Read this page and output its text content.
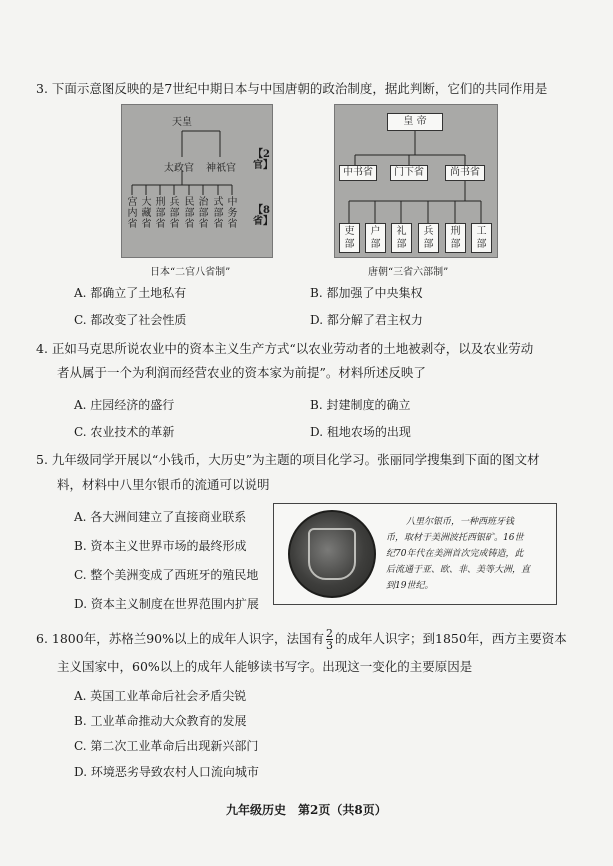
3. 下面示意图反映的是7世纪中期日本与中国唐朝的政治制度，据此判断，它们的共同作用是
天皇
太政官 神祇官
【2官】
【8省】
宫内省
大藏省
刑部省
兵部省
民部省
治部省
式部省
中务省
日本“二官八省制”
皇 帝
中书省	门下省	尚书省
吏 部
户 部
礼 部
兵 部
刑 部
工 部
唐朝“三省六部制”
A. 都确立了土地私有	B. 都加强了中央集权
C. 都改变了社会性质	D. 都分解了君主权力
4. 正如马克思所说农业中的资本主义生产方式“以农业劳动者的土地被剥夺，以及农业劳动
者从属于一个为利润而经营农业的资本家为前提”。材料所述反映了
A. 庄园经济的盛行	B. 封建制度的确立
C. 农业技术的革新	D. 租地农场的出现
5. 九年级同学开展以“小钱币，大历史”为主题的项目化学习。张丽同学搜集到下面的图文材
料，材料中八里尔银币的流通可以说明
A. 各大洲间建立了直接商业联系
B. 资本主义世界市场的最终形成
C. 整个美洲变成了西班牙的殖民地
D. 资本主义制度在世界范围内扩展
八里尔银币，一种西班牙钱
币，取材于美洲波托西银矿。16世
纪70年代在美洲首次完成铸造，此
后流通于亚、欧、非、美等大洲，直
到19世纪。
6. 1800年，苏格兰90%以上的成年人识字，法国有 $\frac{2}{3}$ 的成年人识字；到1850年，西方主要资本
主义国家中，60%以上的成年人能够读书写字。出现这一变化的主要原因是
A. 英国工业革命后社会矛盾尖锐
B. 工业革命推动大众教育的发展
C. 第二次工业革命后出现新兴部门
D. 环境恶劣导致农村人口流向城市
九年级历史　第2页（共8页）
